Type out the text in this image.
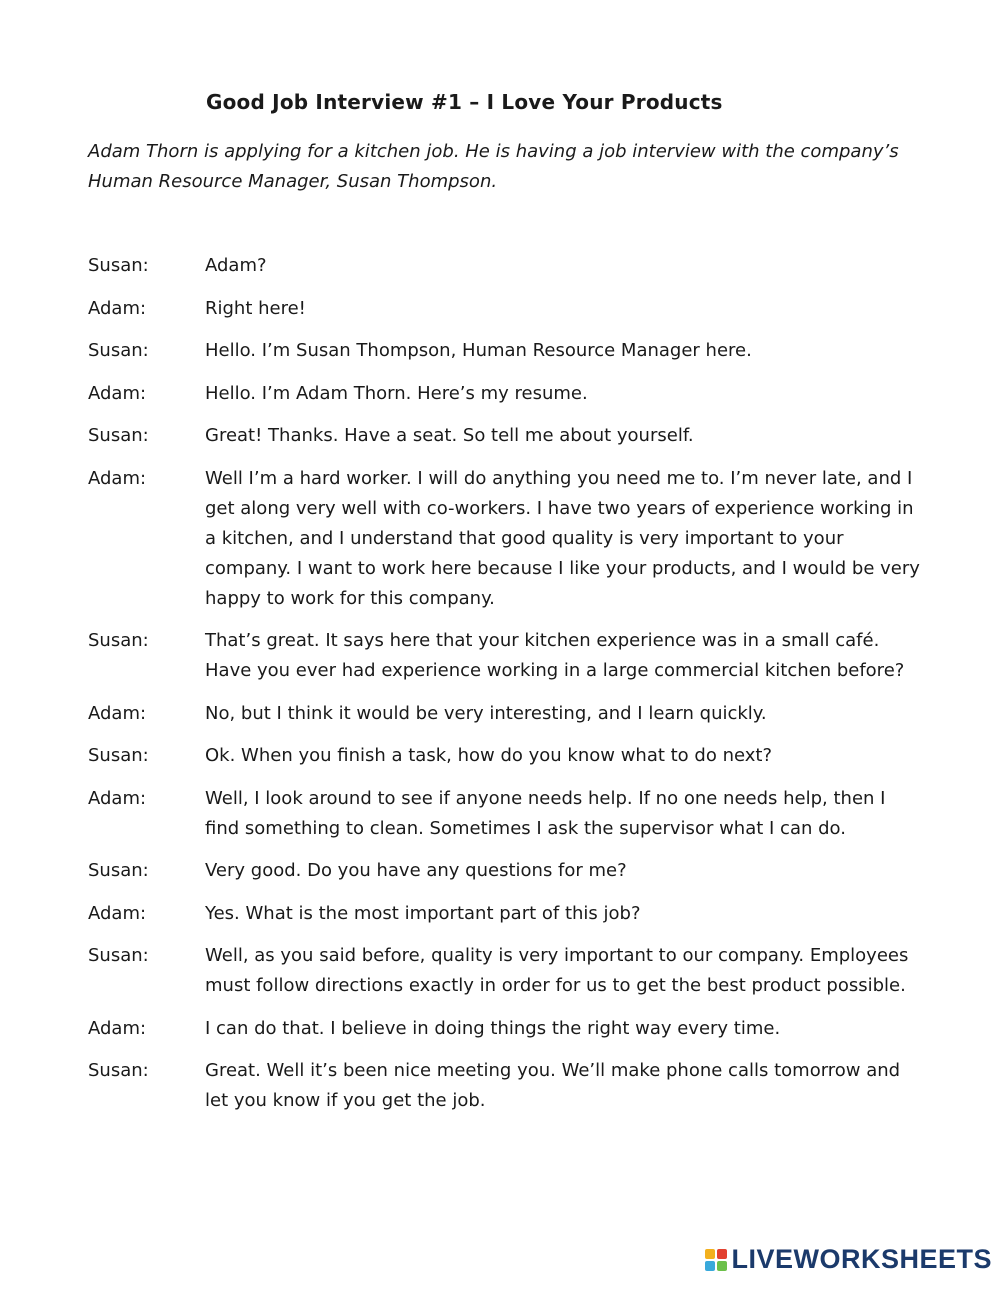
Good Job Interview #1 – I Love Your Products
Adam Thorn is applying for a kitchen job. He is having a job interview with the company’s Human Resource Manager, Susan Thompson.
Susan:	Adam?
Adam:	Right here!
Susan:	Hello. I’m Susan Thompson, Human Resource Manager here.
Adam:	Hello. I’m Adam Thorn. Here’s my resume.
Susan:	Great! Thanks. Have a seat. So tell me about yourself.
Adam:	Well I’m a hard worker. I will do anything you need me to. I’m never late, and I get along very well with co-workers. I have two years of experience working in a kitchen, and I understand that good quality is very important to your company. I want to work here because I like your products, and I would be very happy to work for this company.
Susan:	That’s great. It says here that your kitchen experience was in a small café. Have you ever had experience working in a large commercial kitchen before?
Adam:	No, but I think it would be very interesting, and I learn quickly.
Susan:	Ok. When you finish a task, how do you know what to do next?
Adam:	Well, I look around to see if anyone needs help. If no one needs help, then I find something to clean. Sometimes I ask the supervisor what I can do.
Susan:	Very good. Do you have any questions for me?
Adam:	Yes. What is the most important part of this job?
Susan:	Well, as you said before, quality is very important to our company. Employees must follow directions exactly in order for us to get the best product possible.
Adam:	I can do that. I believe in doing things the right way every time.
Susan:	Great. Well it’s been nice meeting you. We’ll make phone calls tomorrow and let you know if you get the job.
LIVEWORKSHEETS
